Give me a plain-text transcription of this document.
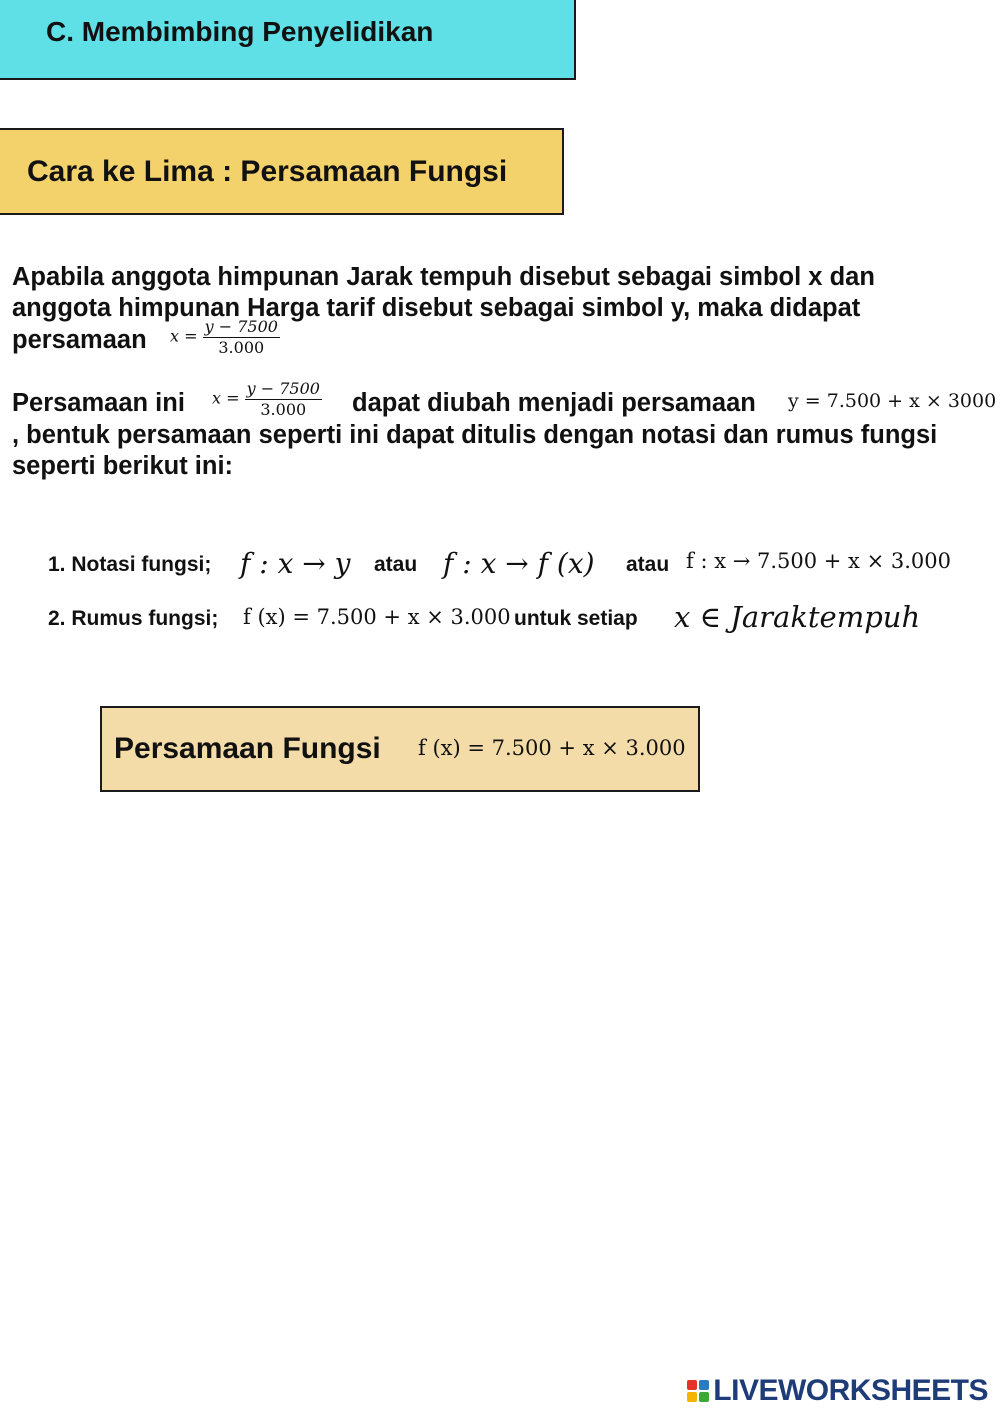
C. Membimbing Penyelidikan
Cara ke Lima : Persamaan Fungsi
Apabila anggota himpunan Jarak tempuh disebut sebagai simbol x dan
anggota himpunan Harga tarif disebut sebagai simbol y, maka didapat
persamaan $x = \frac{y - 7500}{3.000}$
Persamaan ini $x = \frac{y - 7500}{3.000}$ dapat diubah menjadi persamaan y = 7.500 + x × 3000
, bentuk persamaan seperti ini dapat ditulis dengan notasi dan rumus fungsi
seperti berikut ini:
1. Notasi fungsi; f : x → y atau f : x → f (x) atau f : x → 7.500 + x × 3.000
2. Rumus fungsi; f (x) = 7.500 + x × 3.000 untuk setiap x ∈ Jaraktempuh
Persamaan Fungsi f (x) = 7.500 + x × 3.000
LIVEWORKSHEETS
